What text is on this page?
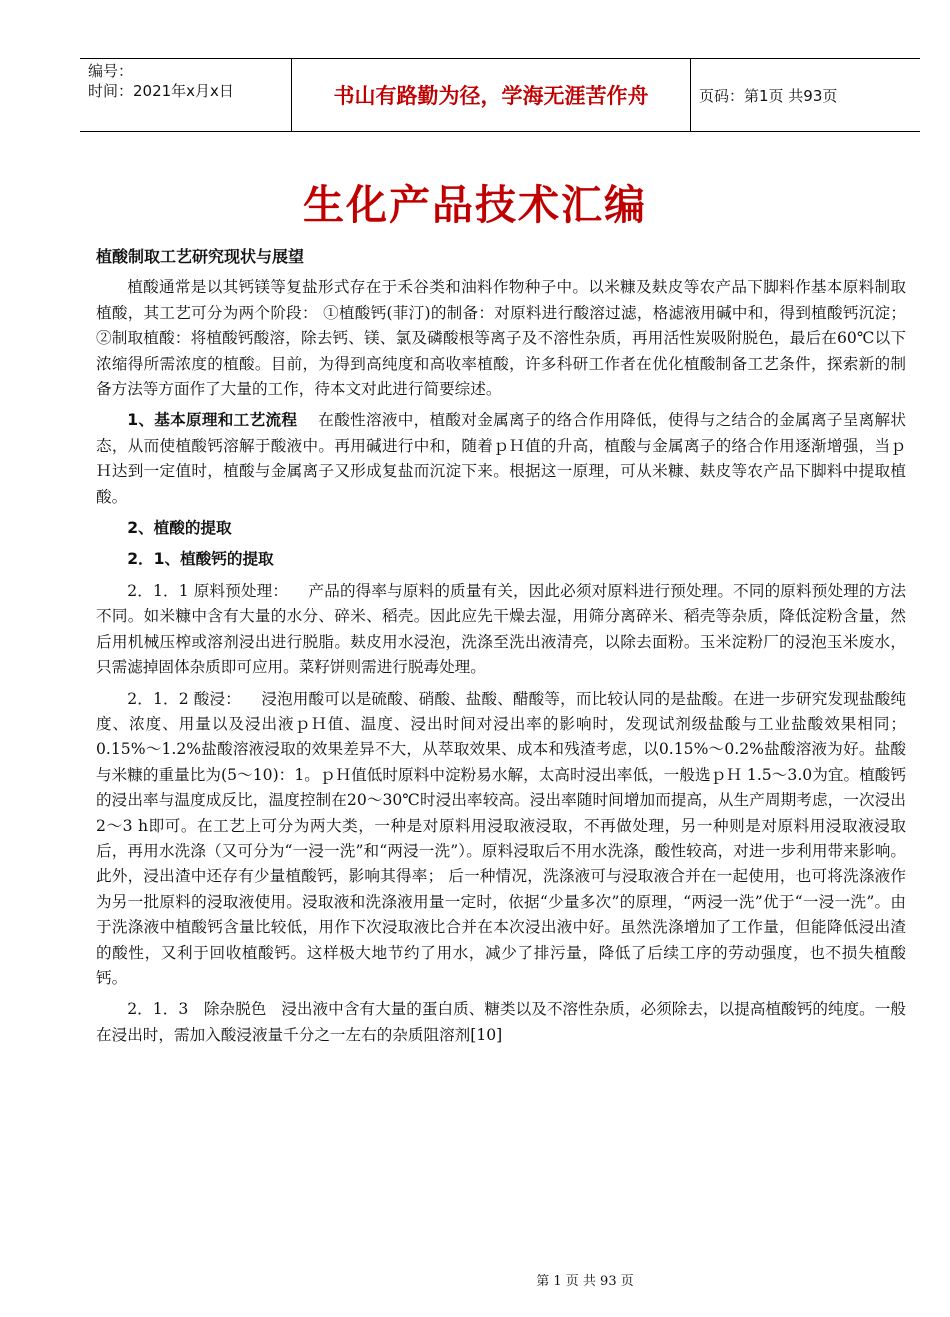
编号：
时间：2021年x月x日	书山有路勤为径，学海无涯苦作舟	页码：第1页 共93页
生化产品技术汇编

植酸制取工艺研究现状与展望

植酸通常是以其钙镁等复盐形式存在于禾谷类和油料作物种子中。以米糠及麸皮等农产品下脚料作基本原料制取植酸，其工艺可分为两个阶段： ①植酸钙(菲汀)的制备：对原料进行酸溶过滤，格滤液用碱中和，得到植酸钙沉淀；②制取植酸：将植酸钙酸溶，除去钙、镁、氯及磷酸根等离子及不溶性杂质，再用活性炭吸附脱色，最后在60℃以下浓缩得所需浓度的植酸。目前，为得到高纯度和高收率植酸，许多科研工作者在优化植酸制备工艺条件，探索新的制备方法等方面作了大量的工作，待本文对此进行简要综述。

1、基本原理和工艺流程 在酸性溶液中，植酸对金属离子的络合作用降低，使得与之结合的金属离子呈离解状态，从而使植酸钙溶解于酸液中。再用碱进行中和，随着ｐＨ值的升高，植酸与金属离子的络合作用逐渐增强，当ｐＨ达到一定值时，植酸与金属离子又形成复盐而沉淀下来。根据这一原理，可从米糠、麸皮等农产品下脚料中提取植酸。

2、植酸的提取

2．1、植酸钙的提取

2．1．1 原料预处理： 产品的得率与原料的质量有关，因此必须对原料进行预处理。不同的原料预处理的方法不同。如米糠中含有大量的水分、碎米、稻壳。因此应先干燥去湿，用筛分离碎米、稻壳等杂质，降低淀粉含量，然后用机械压榨或溶剂浸出进行脱脂。麸皮用水浸泡，洗涤至洗出液清亮，以除去面粉。玉米淀粉厂的浸泡玉米废水，只需滤掉固体杂质即可应用。菜籽饼则需进行脱毒处理。

2．1．2 酸浸： 浸泡用酸可以是硫酸、硝酸、盐酸、醋酸等，而比较认同的是盐酸。在进一步研究发现盐酸纯度、浓度、用量以及浸出液ｐＨ值、温度、浸出时间对浸出率的影响时，发现试剂级盐酸与工业盐酸效果相同；0.15%～1.2%盐酸溶液浸取的效果差异不大，从萃取效果、成本和残渣考虑，以0.15%～0.2%盐酸溶液为好。盐酸与米糠的重量比为(5～10)：1。ｐＨ值低时原料中淀粉易水解，太高时浸出率低，一般选ｐＨ 1.5～3.0为宜。植酸钙的浸出率与温度成反比，温度控制在20～30℃时浸出率较高。浸出率随时间增加而提高，从生产周期考虑，一次浸出2～3 h即可。在工艺上可分为两大类，一种是对原料用浸取液浸取，不再做处理，另一种则是对原料用浸取液浸取后，再用水洗涤（又可分为“一浸一洗”和“两浸一洗”）。原料浸取后不用水洗涤，酸性较高，对进一步利用带来影响。此外，浸出渣中还存有少量植酸钙，影响其得率； 后一种情况，洗涤液可与浸取液合并在一起使用，也可将洗涤液作为另一批原料的浸取液使用。浸取液和洗涤液用量一定时，依据“少量多次”的原理，“两浸一洗”优于“一浸一洗”。由于洗涤液中植酸钙含量比较低，用作下次浸取液比合并在本次浸出液中好。虽然洗涤增加了工作量，但能降低浸出渣的酸性，又利于回收植酸钙。这样极大地节约了用水，减少了排污量，降低了后续工序的劳动强度，也不损失植酸钙。

2．1．3　除杂脱色 浸出液中含有大量的蛋白质、糖类以及不溶性杂质，必须除去，以提高植酸钙的纯度。一般在浸出时，需加入酸浸液量千分之一左右的杂质阻溶剂[10]

第 1 页 共 93 页
